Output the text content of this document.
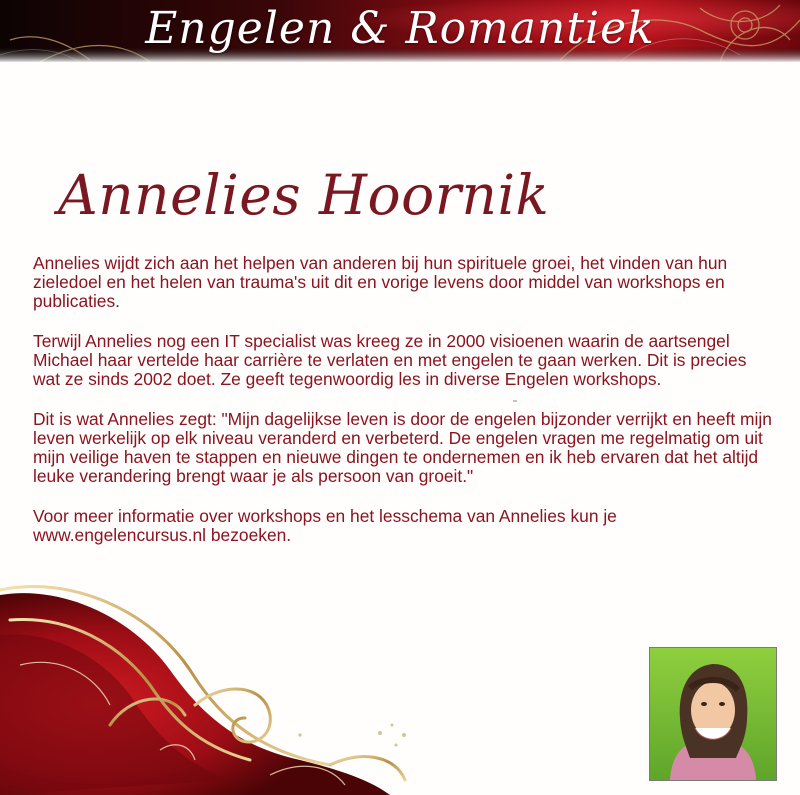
Engelen & Romantiek
Annelies Hoornik

Annelies wijdt zich aan het helpen van anderen bij hun spirituele groei, het vinden van hun zieledoel en het helen van trauma's uit dit en vorige levens door middel van workshops en publicaties.

Terwijl Annelies nog een IT specialist was kreeg ze in 2000 visioenen waarin de aartsengel Michael haar vertelde haar carrière te verlaten en met engelen te gaan werken. Dit is precies wat ze sinds 2002 doet. Ze geeft tegenwoordig les in diverse Engelen workshops.

Dit is wat Annelies zegt: "Mijn dagelijkse leven is door de engelen bijzonder verrijkt en heeft mijn leven werkelijk op elk niveau veranderd en verbeterd. De engelen vragen me regelmatig om uit mijn veilige haven te stappen en nieuwe dingen te ondernemen en ik heb ervaren dat het altijd leuke verandering brengt waar je als persoon van groeit."

Voor meer informatie over workshops en het lesschema van Annelies kun je www.engelencursus.nl bezoeken.
